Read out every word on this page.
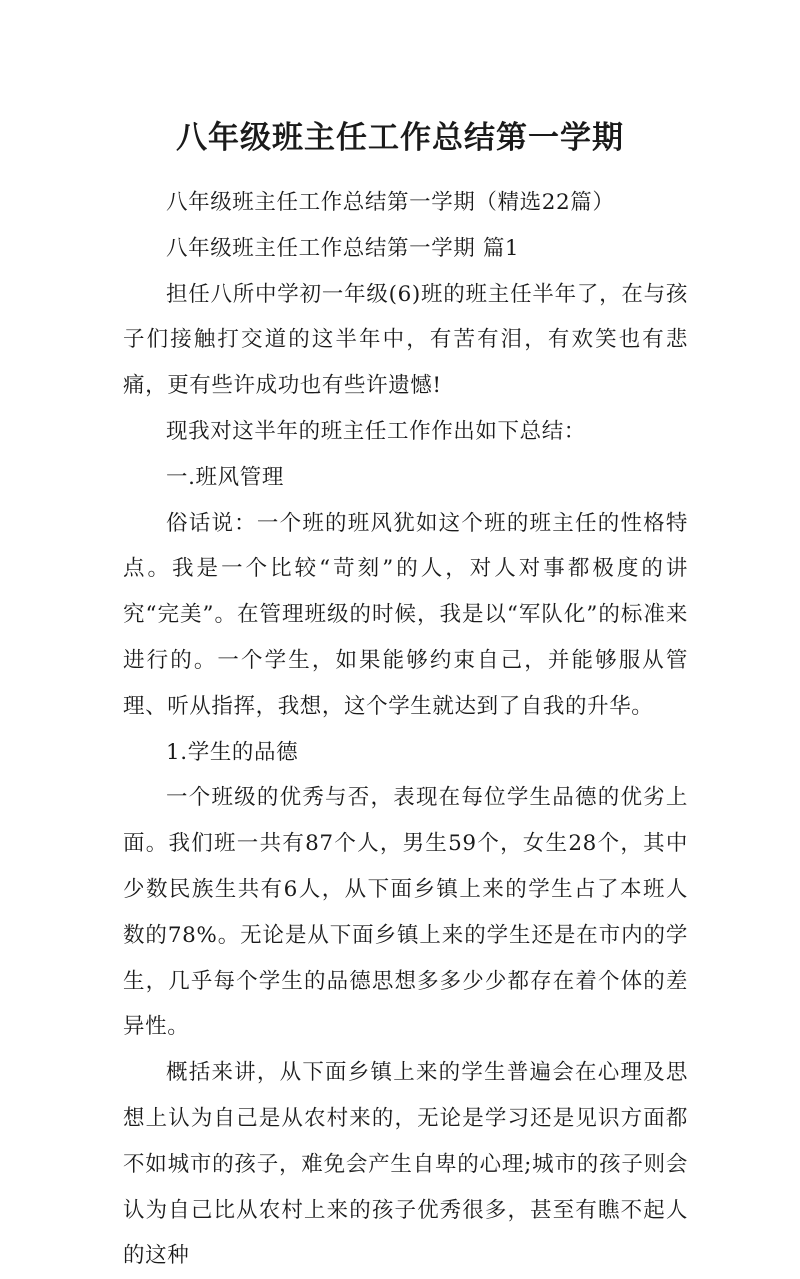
八年级班主任工作总结第一学期

八年级班主任工作总结第一学期（精选22篇）

八年级班主任工作总结第一学期 篇1

担任八所中学初一年级(6)班的班主任半年了，在与孩子们接触打交道的这半年中，有苦有泪，有欢笑也有悲痛，更有些许成功也有些许遗憾!

现我对这半年的班主任工作作出如下总结：

一.班风管理

俗话说：一个班的班风犹如这个班的班主任的性格特点。我是一个比较“苛刻”的人，对人对事都极度的讲究“完美”。在管理班级的时候，我是以“军队化”的标准来进行的。一个学生，如果能够约束自己，并能够服从管理、听从指挥，我想，这个学生就达到了自我的升华。

1.学生的品德

一个班级的优秀与否，表现在每位学生品德的优劣上面。我们班一共有87个人，男生59个，女生28个，其中少数民族生共有6人，从下面乡镇上来的学生占了本班人数的78%。无论是从下面乡镇上来的学生还是在市内的学生，几乎每个学生的品德思想多多少少都存在着个体的差异性。

概括来讲，从下面乡镇上来的学生普遍会在心理及思想上认为自己是从农村来的，无论是学习还是见识方面都不如城市的孩子，难免会产生自卑的心理;城市的孩子则会认为自己比从农村上来的孩子优秀很多，甚至有瞧不起人的这种
